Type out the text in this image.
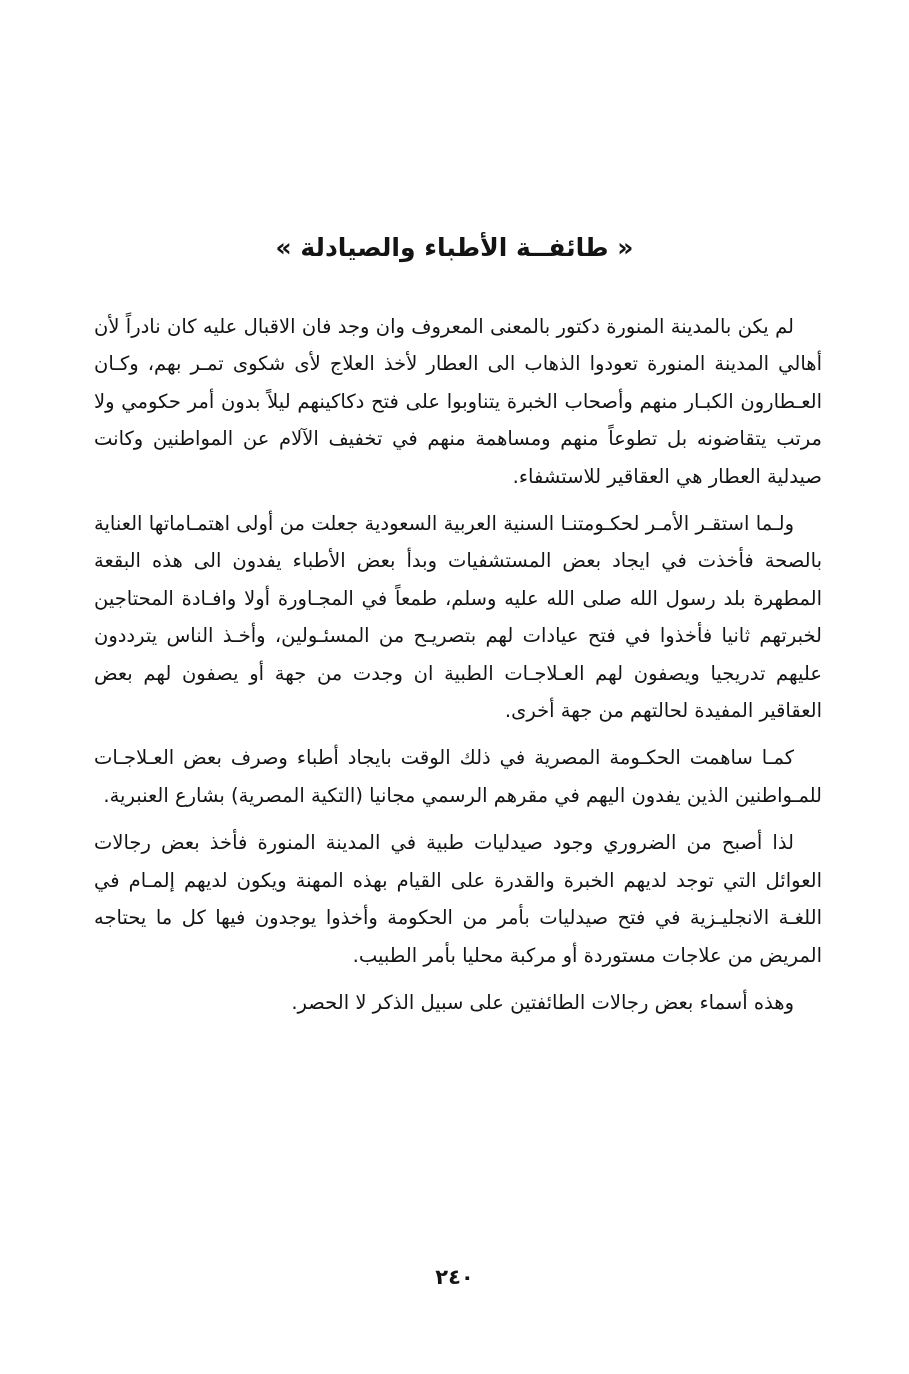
« طائفــة الأطباء والصيادلة »

لم يكن بالمدينة المنورة دكتور بالمعنى المعروف وان وجد فان الاقبال عليه كان نادراً لأن أهالي المدينة المنورة تعودوا الذهاب الى العطار لأخذ العلاج لأى شكوى تمـر بهم، وكـان العـطارون الكبـار منهم وأصحاب الخبرة يتناوبوا على فتح دكاكينهم ليلاً بدون أمر حكومي ولا مرتب يتقاضونه بل تطوعاً منهم ومساهمة منهم في تخفيف الآلام عن المواطنين وكانت صيدلية العطار هي العقاقير للاستشفاء.

ولـما استقـر الأمـر لحكـومتنـا السنية العربية السعودية جعلت من أولى اهتمـاماتها العناية بالصحة فأخذت في ايجاد بعض المستشفيات وبدأ بعض الأطباء يفدون الى هذه البقعة المطهرة بلد رسول الله صلى الله عليه وسلم، طمعاً في المجـاورة أولا وافـادة المحتاجين لخبرتهم ثانيا فأخذوا في فتح عيادات لهم بتصريـح من المسئـولين، وأخـذ الناس يترددون عليهم تدريجيا ويصفون لهم العـلاجـات الطبية ان وجدت من جهة أو يصفون لهم بعض العقاقير المفيدة لحالتهم من جهة أخرى.

كمـا ساهمت الحكـومة المصرية في ذلك الوقت بايجاد أطباء وصرف بعض العـلاجـات للمـواطنين الذين يفدون اليهم في مقرهم الرسمي مجانيا (التكية المصرية) بشارع العنبرية.

لذا أصبح من الضروري وجود صيدليات طبية في المدينة المنورة فأخذ بعض رجالات العوائل التي توجد لديهم الخبرة والقدرة على القيام بهذه المهنة ويكون لديهم إلمـام في اللغـة الانجليـزية في فتح صيدليات بأمر من الحكومة وأخذوا يوجدون فيها كل ما يحتاجه المريض من علاجات مستوردة أو مركبة محليا بأمر الطبيب.

وهذه أسماء بعض رجالات الطائفتين على سبيل الذكر لا الحصر.

٢٤٠
